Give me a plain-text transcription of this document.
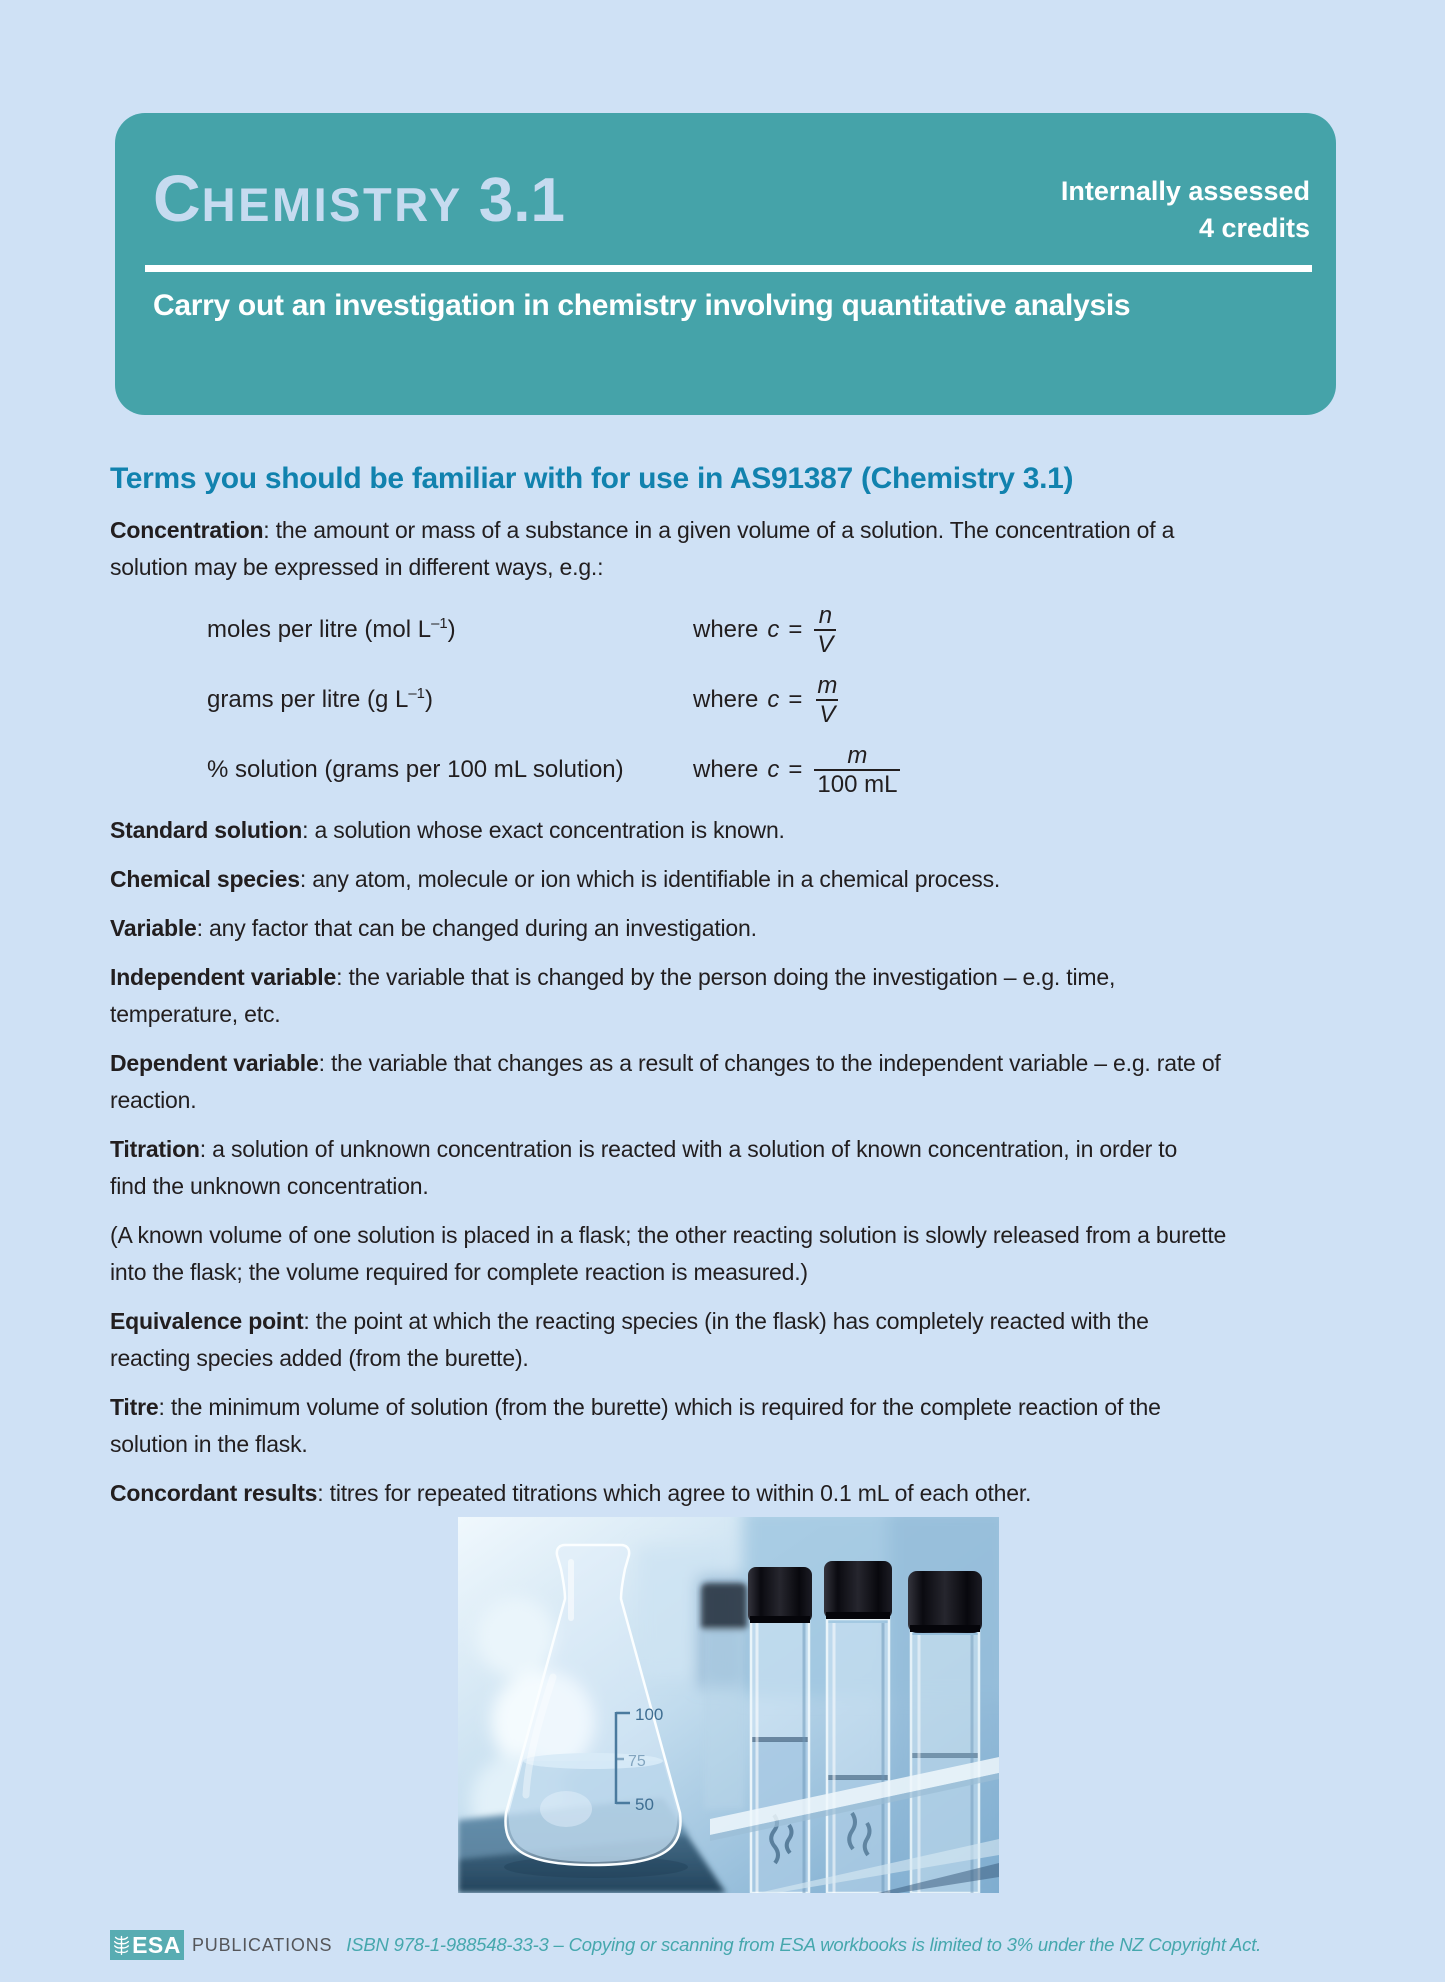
CHEMISTRY 3.1	Internally assessed
4 credits
Carry out an investigation in chemistry involving quantitative analysis
Terms you should be familiar with for use in AS91387 (Chemistry 3.1)

Concentration: the amount or mass of a substance in a given volume of a solution. The concentration of a
solution may be expressed in different ways, e.g.:

moles per litre (mol $L^{-1}$)	where $c = \frac{n}{V}$
grams per litre (g $L^{-1}$)	where $c = \frac{m}{V}$
% solution (grams per 100 mL solution)	where $c = \frac{m}{100 mL}$

Standard solution: a solution whose exact concentration is known.

Chemical species: any atom, molecule or ion which is identifiable in a chemical process.

Variable: any factor that can be changed during an investigation.

Independent variable: the variable that is changed by the person doing the investigation – e.g. time,
temperature, etc.

Dependent variable: the variable that changes as a result of changes to the independent variable – e.g. rate of
reaction.

Titration: a solution of unknown concentration is reacted with a solution of known concentration, in order to
find the unknown concentration.

(A known volume of one solution is placed in a flask; the other reacting solution is slowly released from a burette
into the flask; the volume required for complete reaction is measured.)

Equivalence point: the point at which the reacting species (in the flask) has completely reacted with the
reacting species added (from the burette).

Titre: the minimum volume of solution (from the burette) which is required for the complete reaction of the
solution in the flask.

Concordant results: titres for repeated titrations which agree to within 0.1 mL of each other.

100
75
50
ESA PUBLICATIONS ISBN 978-1-988548-33-3 – Copying or scanning from ESA workbooks is limited to 3% under the NZ Copyright Act.
